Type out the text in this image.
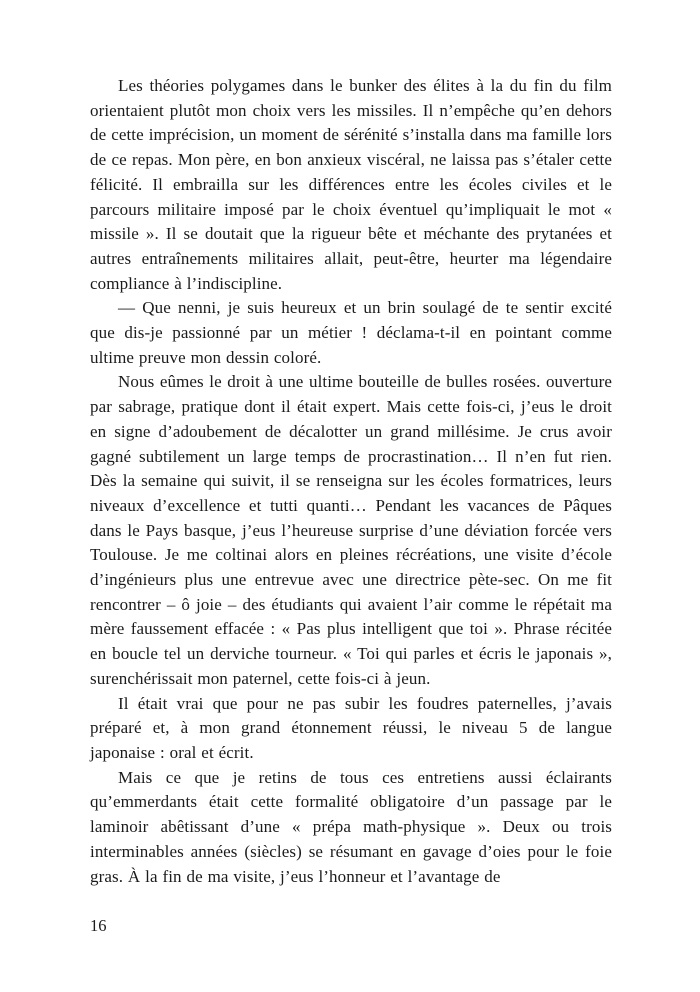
Les théories polygames dans le bunker des élites à la du fin du film orientaient plutôt mon choix vers les missiles. Il n’empêche qu’en dehors de cette imprécision, un moment de sérénité s’installa dans ma famille lors de ce repas. Mon père, en bon anxieux viscéral, ne laissa pas s’étaler cette félicité. Il embrailla sur les différences entre les écoles civiles et le parcours militaire imposé par le choix éventuel qu’impliquait le mot « missile ». Il se doutait que la rigueur bête et méchante des prytanées et autres entraînements militaires allait, peut-être, heurter ma légendaire compliance à l’indiscipline.

— Que nenni, je suis heureux et un brin soulagé de te sentir excité que dis-je passionné par un métier ! déclama-t-il en pointant comme ultime preuve mon dessin coloré.

Nous eûmes le droit à une ultime bouteille de bulles rosées. ouverture par sabrage, pratique dont il était expert. Mais cette fois-ci, j’eus le droit en signe d’adoubement de décalotter un grand millésime. Je crus avoir gagné subtilement un large temps de procrastination… Il n’en fut rien. Dès la semaine qui suivit, il se renseigna sur les écoles formatrices, leurs niveaux d’excellence et tutti quanti… Pendant les vacances de Pâques dans le Pays basque, j’eus l’heureuse surprise d’une déviation forcée vers Toulouse. Je me coltinai alors en pleines récréations, une visite d’école d’ingénieurs plus une entrevue avec une directrice pète-sec. On me fit rencontrer – ô joie – des étudiants qui avaient l’air comme le répétait ma mère faussement effacée : « Pas plus intelligent que toi ». Phrase récitée en boucle tel un derviche tourneur. « Toi qui parles et écris le japonais », surenchérissait mon paternel, cette fois-ci à jeun.

Il était vrai que pour ne pas subir les foudres paternelles, j’avais préparé et, à mon grand étonnement réussi, le niveau 5 de langue japonaise : oral et écrit.

Mais ce que je retins de tous ces entretiens aussi éclairants qu’emmerdants était cette formalité obligatoire d’un passage par le laminoir abêtissant d’une « prépa math-physique ». Deux ou trois interminables années (siècles) se résumant en gavage d’oies pour le foie gras. À la fin de ma visite, j’eus l’honneur et l’avantage de

16
